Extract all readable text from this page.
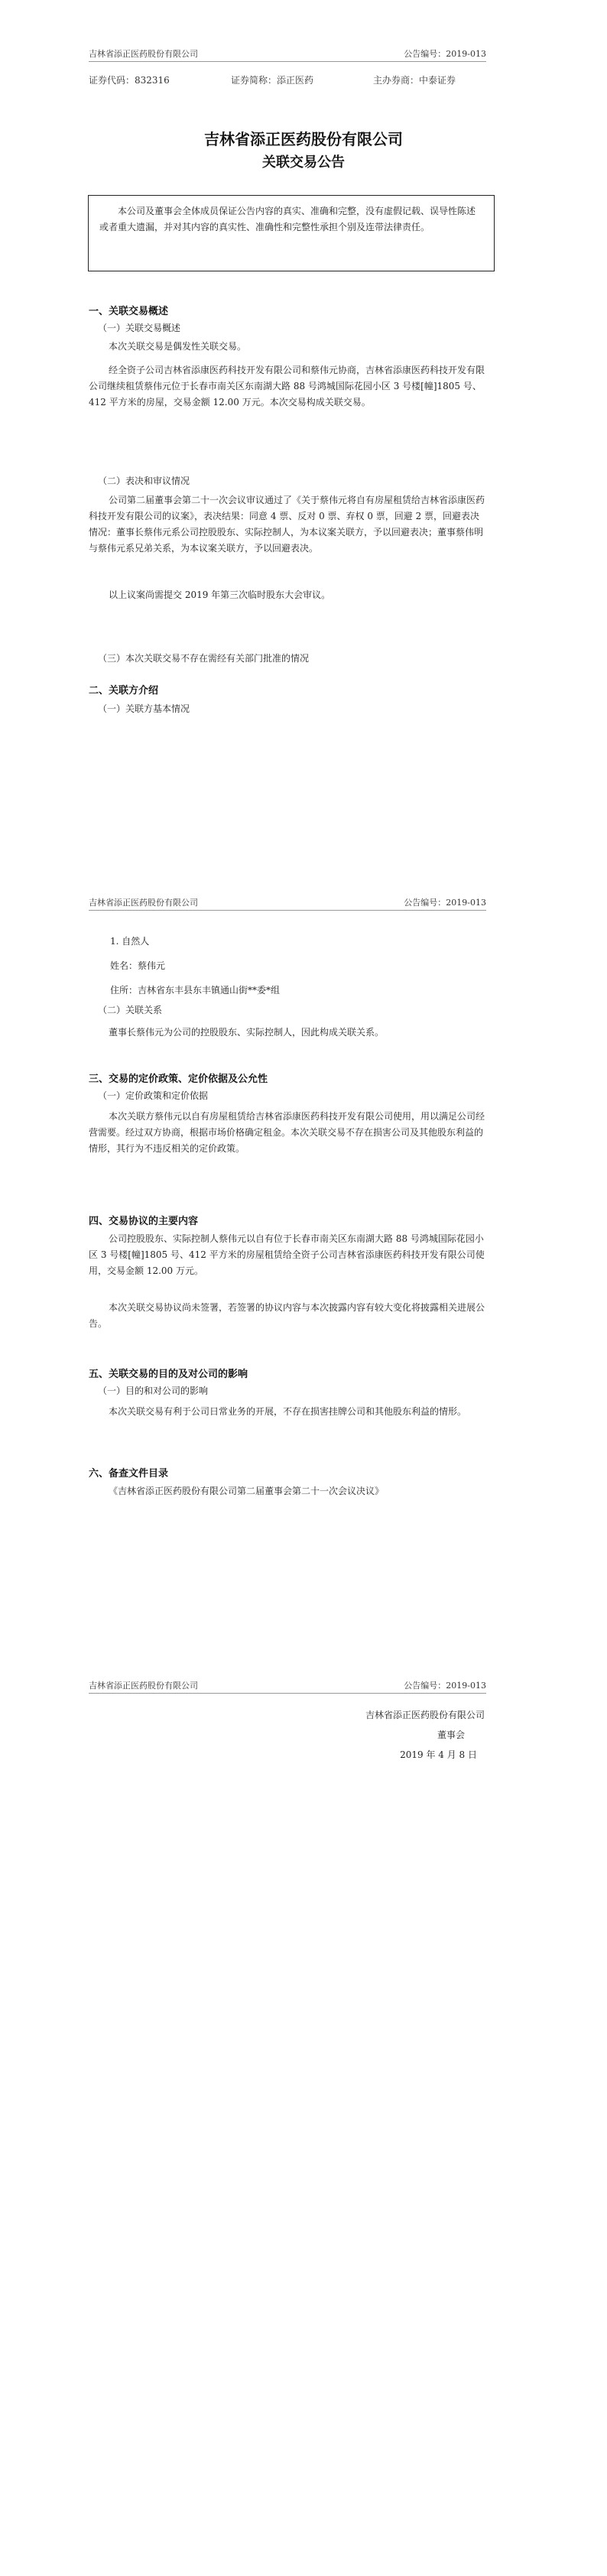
吉林省添正医药股份有限公司	公告编号：2019-013
证券代码：832316	证券简称：添正医药	主办券商：中泰证券
吉林省添正医药股份有限公司
关联交易公告
本公司及董事会全体成员保证公告内容的真实、准确和完整，没有虚假记载、误导性陈述或者重大遗漏，并对其内容的真实性、准确性和完整性承担个别及连带法律责任。
一、关联交易概述
（一）关联交易概述
本次关联交易是偶发性关联交易。
经全资子公司吉林省添康医药科技开发有限公司和蔡伟元协商，吉林省添康医药科技开发有限公司继续租赁蔡伟元位于长春市南关区东南湖大路 88 号鸿城国际花园小区 3 号楼[幢]1805 号、412 平方米的房屋，交易金额 12.00 万元。本次交易构成关联交易。
（二）表决和审议情况
公司第二届董事会第二十一次会议审议通过了《关于蔡伟元将自有房屋租赁给吉林省添康医药科技开发有限公司的议案》，表决结果：同意 4 票、反对 0 票、弃权 0 票，回避 2 票，回避表决情况：董事长蔡伟元系公司控股股东、实际控制人，为本议案关联方，予以回避表决；董事蔡伟明与蔡伟元系兄弟关系，为本议案关联方，予以回避表决。
以上议案尚需提交 2019 年第三次临时股东大会审议。
（三）本次关联交易不存在需经有关部门批准的情况
二、关联方介绍
（一）关联方基本情况
吉林省添正医药股份有限公司	公告编号：2019-013
1. 自然人
姓名：蔡伟元
住所：吉林省东丰县东丰镇通山街**委*组
（二）关联关系
董事长蔡伟元为公司的控股股东、实际控制人，因此构成关联关系。
三、交易的定价政策、定价依据及公允性
（一）定价政策和定价依据
本次关联方蔡伟元以自有房屋租赁给吉林省添康医药科技开发有限公司使用，用以满足公司经营需要。经过双方协商，根据市场价格确定租金。本次关联交易不存在损害公司及其他股东利益的情形，其行为不违反相关的定价政策。
四、交易协议的主要内容
公司控股股东、实际控制人蔡伟元以自有位于长春市南关区东南湖大路 88 号鸿城国际花园小区 3 号楼[幢]1805 号、412 平方米的房屋租赁给全资子公司吉林省添康医药科技开发有限公司使用，交易金额 12.00 万元。
本次关联交易协议尚未签署，若签署的协议内容与本次披露内容有较大变化将披露相关进展公告。
五、关联交易的目的及对公司的影响
（一）目的和对公司的影响
本次关联交易有利于公司日常业务的开展，不存在损害挂牌公司和其他股东利益的情形。
六、备查文件目录
《吉林省添正医药股份有限公司第二届董事会第二十一次会议决议》
吉林省添正医药股份有限公司	公告编号：2019-013
吉林省添正医药股份有限公司
董事会
2019 年 4 月 8 日
